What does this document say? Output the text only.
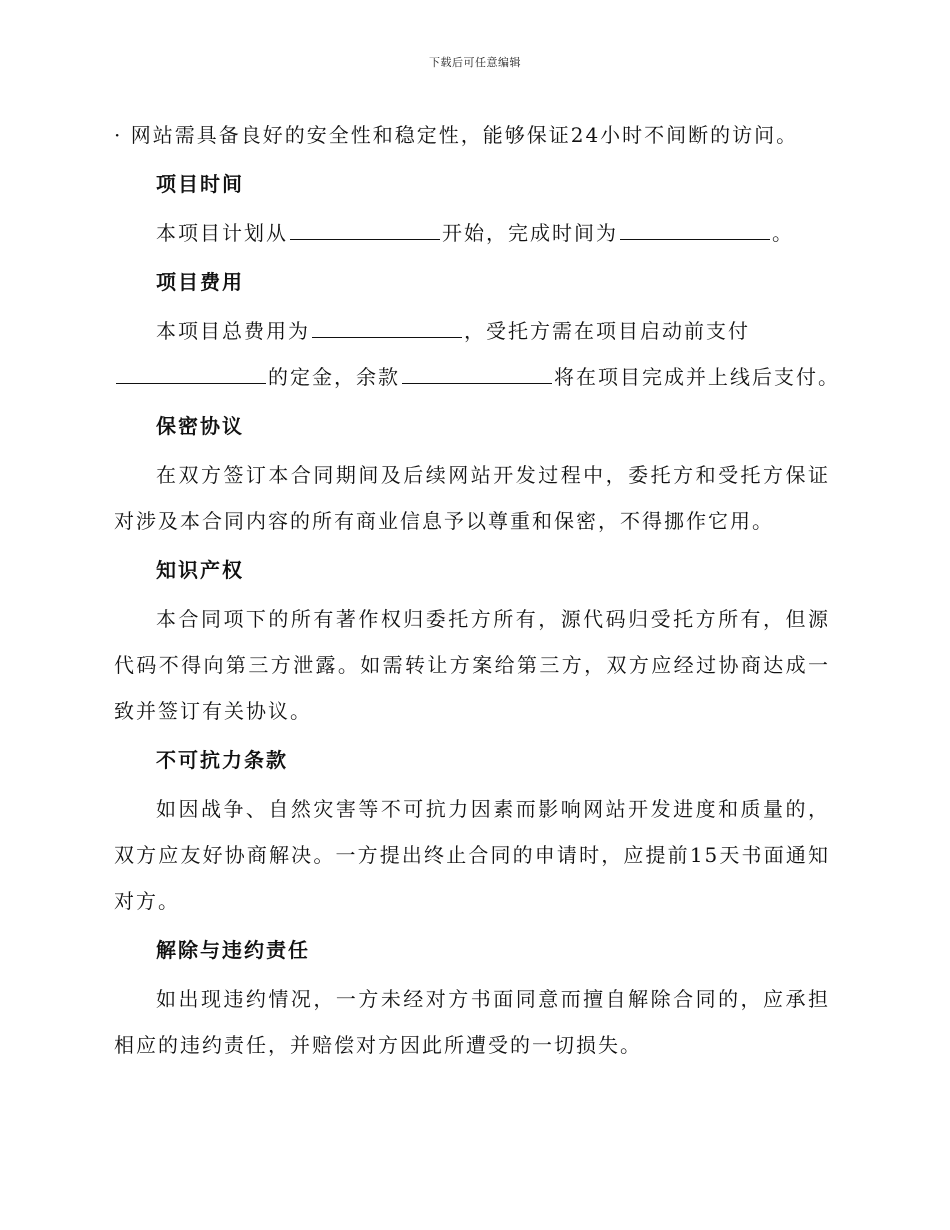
下载后可任意编辑
· 网站需具备良好的安全性和稳定性，能够保证24小时不间断的访问。
项目时间
本项目计划从	开始，完成时间为	。
项目费用
本项目总费用为	，受托方需在项目启动前支付
的定金，余款	将在项目完成并上线后支付。
保密协议
在双方签订本合同期间及后续网站开发过程中，委托方和受托方保证对涉及本合同内容的所有商业信息予以尊重和保密，不得挪作它用。
知识产权
本合同项下的所有著作权归委托方所有，源代码归受托方所有，但源代码不得向第三方泄露。如需转让方案给第三方，双方应经过协商达成一致并签订有关协议。
不可抗力条款
如因战争、自然灾害等不可抗力因素而影响网站开发进度和质量的，双方应友好协商解决。一方提出终止合同的申请时，应提前15天书面通知对方。
解除与违约责任
如出现违约情况，一方未经对方书面同意而擅自解除合同的，应承担相应的违约责任，并赔偿对方因此所遭受的一切损失。
